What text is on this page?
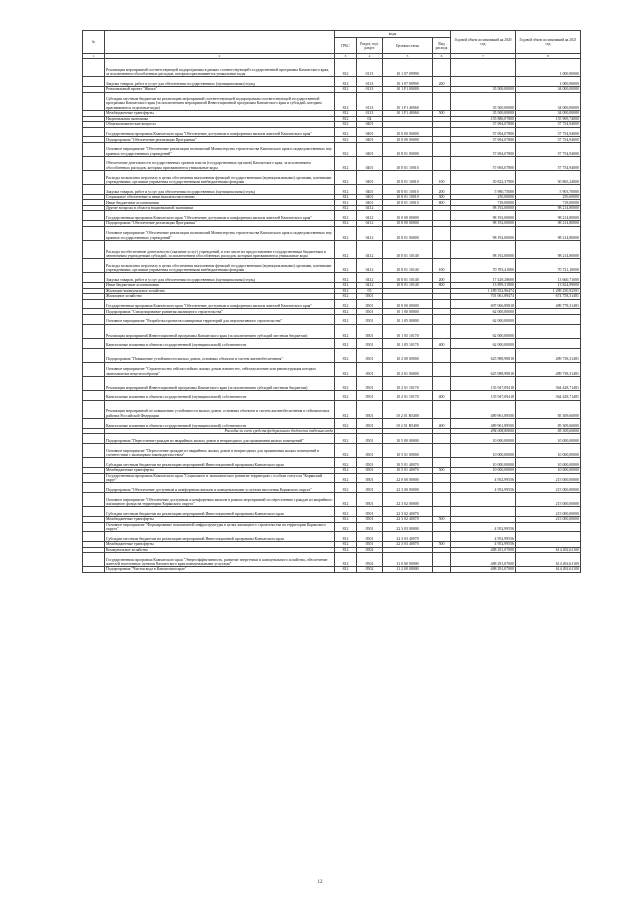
№		коды				Годовой объем ассигнований на 2020 год	Годовой объем ассигнований на 2021 год
		ГРБС	Раздел, под-раздел	Целевая статья	Вид расхода		
1	2	3	4	5	6	7	8
	Реализация мероприятий соответствующей подпрограммы в рамках соответствующей государственной программы Камчатского края, за исключением обособленных расходов, которым присваиваются уникальные коды	812	0113	10 1 07 09990			1 000,90000
	Закупка товаров, работ и услуг для обеспечения государственных (муниципальных) нужд	812	0113	10 1 07 09990	200		1 000,90000
	Региональный проект "Жилье"	812	0113	10 1 F1 00000		35 500,00000	34 000,00000
	Субсидии местным бюджетам на реализацию мероприятий соответствующей подпрограммы соответствующей государственной программы Камчатского края (за исключением мероприятий Инвестиционной программы Камчатского края и субсидий, которым присваиваются отдельные коды)	812	0113	10 1 F1 40060		35 500,00000	34 000,00000
	Межбюджетные трансферты	812	0113	10 1 F1 40060	500	35 500,00000	34 000,00000
	Национальная экономика	812	04			155 886,07800	155 969,74000
	Общеэкономические вопросы	812	0401			57 694,07800	57 754,94000
	Государственная программа Камчатского края "Обеспечение доступным и комфортным жильем жителей Камчатского края"	812	0401	10 0 00 00000		57 694,07800	57 754,94000
	Подпрограмма "Обеспечение реализации Программы"	812	0401	10 8 00 00000		57 694,07800	57 754,94000
	Основное мероприятие "Обеспечение реализации полномочий Министерства строительства Камчатского края и подведомственных ему краевых государственных учреждений"	812	0401	10 8 01 00000		57 694,07800	57 754,94000
	Обеспечение деятельности государственных органов власти (государственных органов) Камчатского края, за исключением обособленных расходов, которым присваиваются уникальные коды	812	0401	10 8 01 10010		57 694,07800	57 754,94000
	Расходы на выплаты персоналу в целях обеспечения выполнения функций государственными (муниципальными) органами, казенными учреждениями, органами управления государственными внебюджетными фондами	812	0401	10 8 01 10010	100	50 822,37900	50 865,24000
	Закупка товаров, работ и услуг для обеспечения государственных (муниципальных) нужд	812	0401	10 8 01 10010	200	5 980,75000	5 903,70000
	Социальное обеспечение и иные выплаты населению	812	0401	10 8 01 10010	300	250,00000	250,00000
	Иные бюджетные ассигнования	812	0401	10 8 01 10010	800	718,00000	718,00000
	Другие вопросы в области национальной экономики	812	0412			98 192,00000	98 214,80000
	Государственная программа Камчатского края "Обеспечение доступным и комфортным жильем жителей Камчатского края"	812	0412	10 0 00 00000		98 192,00000	98 214,80000
	Подпрограмма "Обеспечение реализации Программы"	812	0412	10 8 00 00000		98 192,00000	98 214,80000
	Основное мероприятие "Обеспечение реализации полномочий Министерства строительства Камчатского края и подведомственных ему краевых государственных учреждений"	812	0412	10 8 01 00000		98 192,00000	98 214,80000
	Расходы на обеспечение деятельности (оказание услуг) учреждений, в том числе на предоставление государственным бюджетным и автономным учреждениям субсидий, за исключением обособленных расходов, которым присваиваются уникальные коды	812	0412	10 8 01 10140		98 192,00000	98 214,80000
	Расходы на выплаты персоналу в целях обеспечения выполнения функций государственными (муниципальными) органами, казенными учреждениями, органами управления государственными внебюджетными фондами	812	0412	10 8 01 10140	100	70 783,41000	70 721,10000
	Закупка товаров, работ и услуг для обеспечения государственных (муниципальных) нужд	812	0412	10 8 01 10140	200	17 429,28600	13 660,71000
	Иные бюджетные ассигнования	812	0412	10 8 01 10140	800	13 899,31800	13 824,99000
	Жилищно-коммунальное хозяйство	812	05			1 189 352,96474	1 289 250,92581
	Жилищное хозяйство	812	0501			701 061,89474	674 758,31481
	Государственная программа Камчатского края "Обеспечение доступным и комфортным жильем жителей Камчатского края"	812	0501	10 0 00 00000		697 066,89818	489 778,31481
	Подпрограмма "Стимулирование развития жилищного строительства"	812	0501	10 1 00 00000		62 000,00000	
	Основное мероприятие "Разработка проектов планировки территорий для перспективного строительства"	812	0501	10 1 05 00000		62 000,00000	
	Реализация мероприятий Инвестиционной программы Камчатского края (за исключением субсидий местным бюджетам)	812	0501	10 1 05 10170		62 000,00000	
	Капитальные вложения в объекты государственной (муниципальной) собственности	812	0501	10 1 05 10170	400	62 000,00000	
	Подпрограмма "Повышение устойчивости жилых домов, основных объектов и систем жизнеобеспечения"	812	0501	10 2 00 00000		625 988,98818	489 738,31481
	Основное мероприятие "Строительство сейсмостойких жилых домов взамен тех, сейсмоусиление или реконструкция которых экономически нецелесообразна"	812	0501	10 2 01 00000		625 988,98818	489 738,31481
	Реализация мероприятий Инвестиционной программы Камчатского края (за исключением субсидий местным бюджетам)	812	0501	10 2 01 10170		135 947,09418	364 428,71481
	Капитальные вложения в объекты государственной (муниципальной) собственности	812	0501	10 2 01 10170	400	135 947,09418	364 428,71481
	Реализация мероприятий по повышению устойчивости жилых домов, основных объектов и систем жизнеобеспечения в сейсмических районах Российской Федерации	812	0501	10 2 01 R5400		489 961,89500	85 309,60000
	Капитальные вложения в объекты государственной (муниципальной) собственности	812	0501	10 2 01 R5400	400	489 961,89500	85 309,60000
	Расходы за счет средств федерального бюджета отдельно кода					494 008,80000	85 309,60000
	Подпрограмма "Переселение граждан из аварийных жилых домов и непригодных для проживания жилых помещений"	812	0501	10 5 00 00000		10 000,00000	10 000,00000
	Основное мероприятие "Переселение граждан из аварийных жилых домов и непригодных для проживания жилых помещений в соответствии с жилищным законодательством"	812	0501	10 5 01 00000		10 000,00000	10 000,00000
	Субсидии местным бюджетам на реализацию мероприятий Инвестиционной программы Камчатского края	812	0501	10 5 01 40070		10 000,00000	10 000,00000
	Межбюджетные трансферты	812	0501	10 5 01 40070	500	10 000,00000	10 000,00000
	Государственная программа Камчатского края "Социальное и экономическое развитие территории с особым статусом "Корякский округ"	812	0501	22 0 00 00000		4 952,99556	215 000,00000
	Подпрограмма "Обеспечение доступным и комфортным жильем и коммунальными услугами населения Корякского округа"	812	0501	22 3 00 00000		4 952,99556	215 000,00000
	Основное мероприятие "Обеспечение доступным и комфортным жильем в рамках мероприятий по переселению граждан из аварийного жилищного фонда на территории Корякского округа"	812	0501	22 3 02 00000			215 000,00000
	Субсидии местным бюджетам на реализацию мероприятий Инвестиционной программы Камчатского края	812	0501	22 3 02 40070			215 000,00000
	Межбюджетные трансферты	812	0501	22 3 02 40070	500		215 000,00000
	Основное мероприятие "Формирование покомнатной инфраструктуры в целях жилищного строительства на территории Корякского округа"	812	0501	22 3 03 00000		4 952,99556	
	Субсидии местным бюджетам на реализацию мероприятий Инвестиционной программы Камчатского края	812	0501	22 3 03 40070		4 952,99556	
	Межбюджетные трансферты	812	0501	22 3 03 40070	500	4 952,99556	
	Коммунальное хозяйство	812	0502			488 291,07000	614 492,61100
	Государственная программа Камчатского края "Энергоэффективность, развитие энергетики и коммунального хозяйства, обеспечение жителей населенных пунктов Камчатского края коммунальными услугами"	812	0502	11 0 00 00000		488 291,07000	614 492,61100
	Подпрограмма "Чистая вода в Камчатском крае"	812	0502	11 2 00 00000		488 291,07000	614 492,61100
12
